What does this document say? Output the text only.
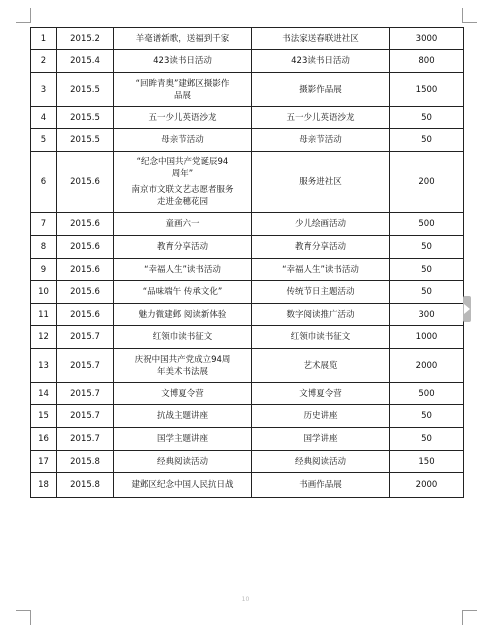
1	2015.2	羊毫谱新歌，送福到千家	书法家送春联进社区	3000
2	2015.4	423读书日活动	423读书日活动	800
3	2015.5	“回眸青奥”建邺区摄影作
品展	摄影作品展	1500
4	2015.5	五一少儿英语沙龙	五一少儿英语沙龙	50
5	2015.5	母亲节活动	母亲节活动	50
6	2015.6	“纪念中国共产党诞辰94
周年”
南京市文联文艺志愿者服务
走进金穗花园	服务进社区	200
7	2015.6	童画六一	少儿绘画活动	500
8	2015.6	教育分享活动	教育分享活动	50
9	2015.6	“幸福人生”读书活动	“幸福人生”读书活动	50
10	2015.6	“品味端午 传承文化”	传统节日主题活动	50
11	2015.6	魅力微建邺 阅读新体验	数字阅读推广活动	300
12	2015.7	红领巾读书征文	红领巾读书征文	1000
13	2015.7	庆祝中国共产党成立94周
年美术书法展	艺术展览	2000
14	2015.7	文博夏令营	文博夏令营	500
15	2015.7	抗战主题讲座	历史讲座	50
16	2015.7	国学主题讲座	国学讲座	50
17	2015.8	经典阅读活动	经典阅读活动	150
18	2015.8	建邺区纪念中国人民抗日战	书画作品展	2000
10
